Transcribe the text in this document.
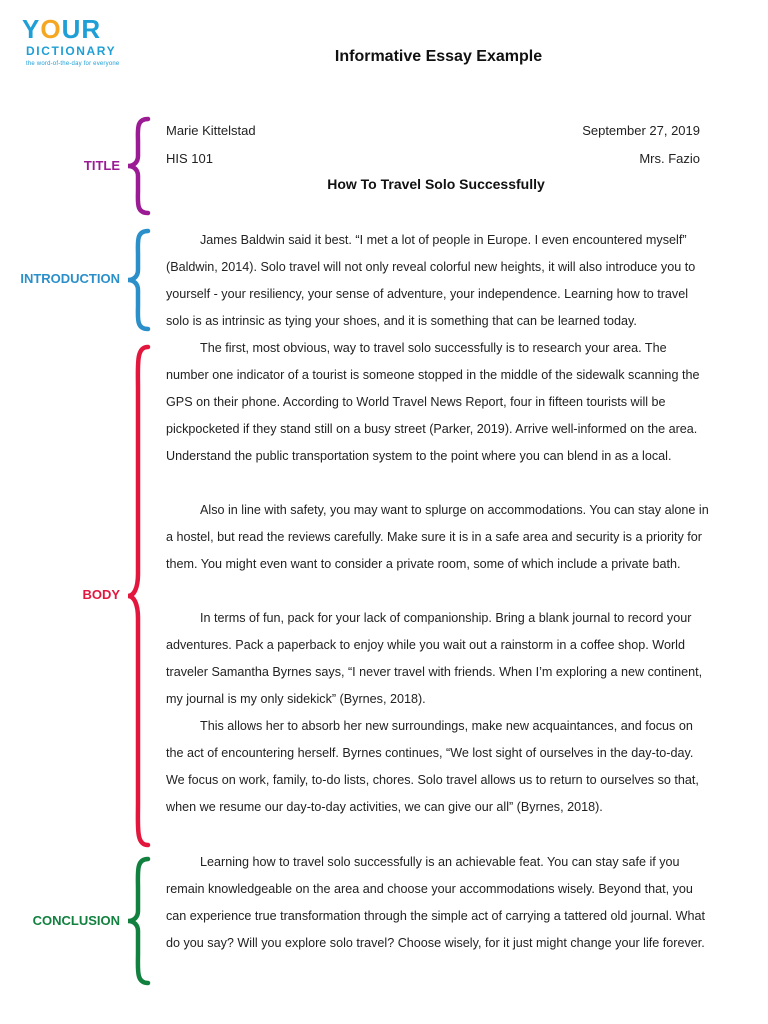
YOUR
DICTIONARY
the word-of-the-day for everyone	Informative Essay Example
Marie Kittelstad	September 27, 2019
HIS 101	Mrs. Fazio
How To Travel Solo Successfully
TITLE
INTRODUCTION
BODY
CONCLUSION

James Baldwin said it best. “I met a lot of people in Europe. I even encountered myself” (Baldwin, 2014). Solo travel will not only reveal colorful new heights, it will also introduce you to yourself - your resiliency, your sense of adventure, your independence. Learning how to travel solo is as intrinsic as tying your shoes, and it is something that can be learned today.

The first, most obvious, way to travel solo successfully is to research your area. The number one indicator of a tourist is someone stopped in the middle of the sidewalk scanning the GPS on their phone. According to World Travel News Report, four in fifteen tourists will be pickpocketed if they stand still on a busy street (Parker, 2019). Arrive well-informed on the area. Understand the public transportation system to the point where you can blend in as a local.

Also in line with safety, you may want to splurge on accommodations. You can stay alone in a hostel, but read the reviews carefully. Make sure it is in a safe area and security is a priority for them. You might even want to consider a private room, some of which include a private bath.

In terms of fun, pack for your lack of companionship. Bring a blank journal to record your adventures. Pack a paperback to enjoy while you wait out a rainstorm in a coffee shop. World traveler Samantha Byrnes says, “I never travel with friends. When I’m exploring a new continent, my journal is my only sidekick” (Byrnes, 2018).

This allows her to absorb her new surroundings, make new acquaintances, and focus on the act of encountering herself. Byrnes continues, “We lost sight of ourselves in the day-to-day. We focus on work, family, to-do lists, chores. Solo travel allows us to return to ourselves so that, when we resume our day-to-day activities, we can give our all” (Byrnes, 2018).

Learning how to travel solo successfully is an achievable feat. You can stay safe if you remain knowledgeable on the area and choose your accommodations wisely. Beyond that, you can experience true transformation through the simple act of carrying a tattered old journal. What do you say? Will you explore solo travel? Choose wisely, for it just might change your life forever.
